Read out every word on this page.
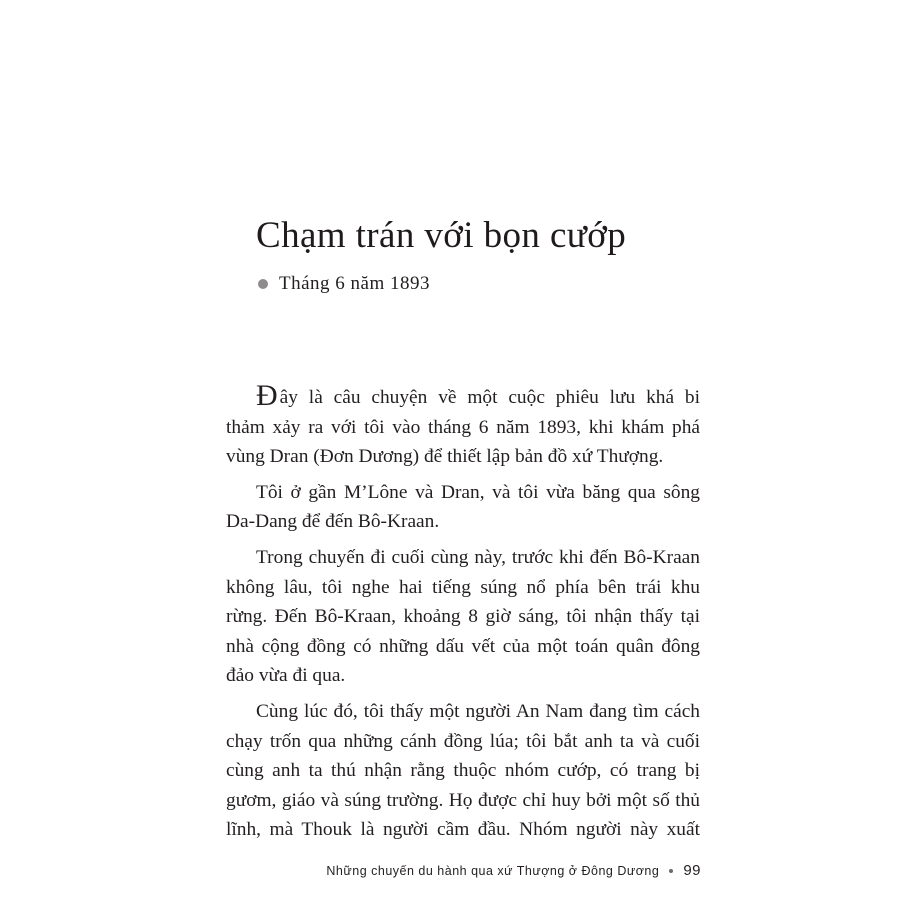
Chạm trán với bọn cướp
Tháng 6 năm 1893
Đây là câu chuyện về một cuộc phiêu lưu khá bi
thảm xảy ra với tôi vào tháng 6 năm 1893, khi khám phá
vùng Dran (Đơn Dương) để thiết lập bản đồ xứ Thượng.
Tôi ở gần M’Lône và Dran, và tôi vừa băng qua sông
Da-Dang để đến Bô-Kraan.
Trong chuyến đi cuối cùng này, trước khi đến Bô-Kraan
không lâu, tôi nghe hai tiếng súng nổ phía bên trái khu
rừng. Đến Bô-Kraan, khoảng 8 giờ sáng, tôi nhận thấy tại
nhà cộng đồng có những dấu vết của một toán quân đông
đảo vừa đi qua.
Cùng lúc đó, tôi thấy một người An Nam đang tìm cách
chạy trốn qua những cánh đồng lúa; tôi bắt anh ta và cuối
cùng anh ta thú nhận rằng thuộc nhóm cướp, có trang bị
gươm, giáo và súng trường. Họ được chỉ huy bởi một số thủ
lĩnh, mà Thouk là người cầm đầu. Nhóm người này xuất
Những chuyến du hành qua xứ Thượng ở Đông Dương 99
